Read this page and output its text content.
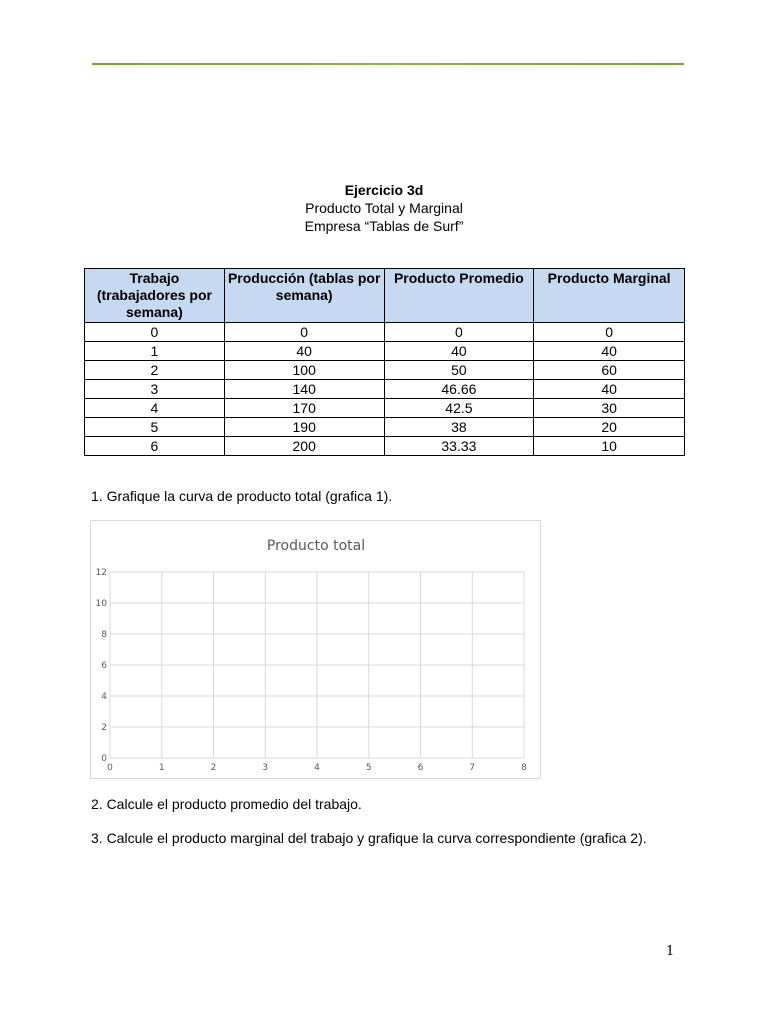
Ejercicio 3d
Producto Total y Marginal
Empresa “Tablas de Surf”
Trabajo (trabajadores por semana)	Producción (tablas por semana)	Producto Promedio	Producto Marginal
0	0	0	0
1	40	40	40
2	100	50	60
3	140	46.66	40
4	170	42.5	30
5	190	38	20
6	200	33.33	10
1. Grafique la curva de producto total (grafica 1).
Producto total
0	1	2	3	4	5	6	7	8
0
2
4
6
8
10
12
2. Calcule el producto promedio del trabajo.
3. Calcule el producto marginal del trabajo y grafique la curva correspondiente (grafica 2).
1
